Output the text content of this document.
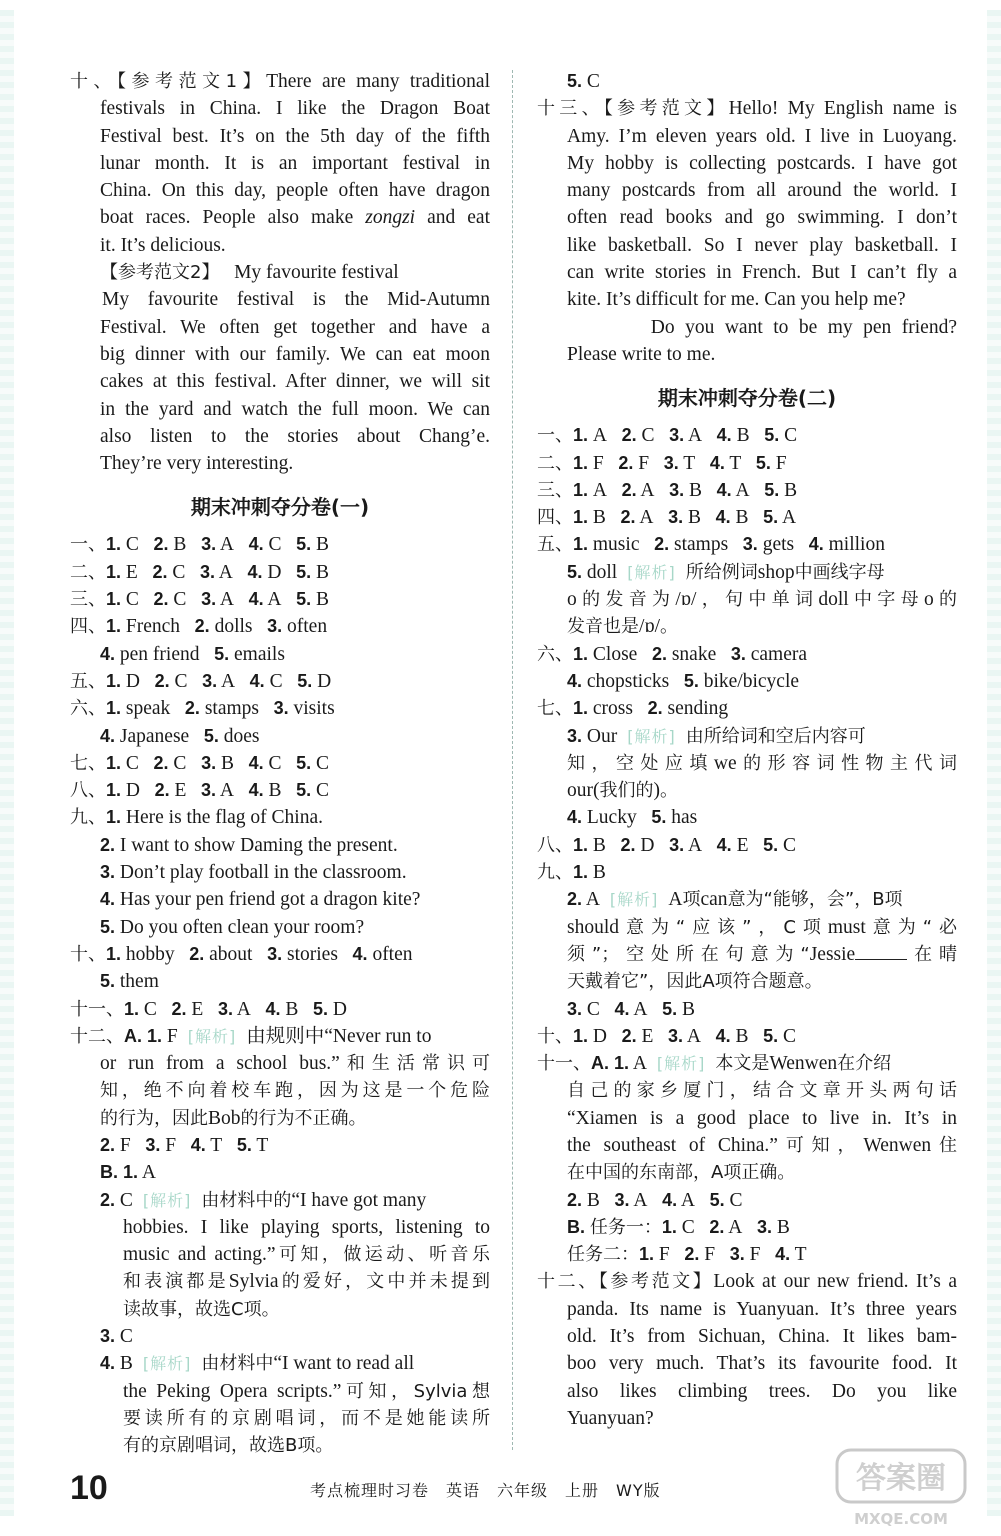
十、【参考范文1】There are many traditional
festivals in China. I like the Dragon Boat
Festival best. It’s on the 5th day of the fifth
lunar month. It is an important festival in
China. On this day, people often have dragon
boat races. People also make zongzi and eat
it. It’s delicious.
【参考范文2】   My favourite festival
My favourite festival is the Mid-Autumn
Festival. We often get together and have a
big dinner with our family. We can eat moon
cakes at this festival. After dinner, we will sit
in the yard and watch the full moon. We can
also listen to the stories about Chang’e.
They’re very interesting.
期末冲刺夺分卷(一)
一、1. C   2. B   3. A   4. C   5. B
二、1. E   2. C   3. A   4. D   5. B
三、1. C   2. C   3. A   4. A   5. B
四、1. French   2. dolls   3. often
4. pen friend   5. emails
五、1. D   2. C   3. A   4. C   5. D
六、1. speak   2. stamps   3. visits
4. Japanese   5. does
七、1. C   2. C   3. B   4. C   5. C
八、1. D   2. E   3. A   4. B   5. C
九、1. Here is the flag of China.
2. I want to show Daming the present.
3. Don’t play football in the classroom.
4. Has your pen friend got a dragon kite?
5. Do you often clean your room?
十、1. hobby   2. about   3. stories   4. often
5. them
十一、1. C   2. E   3. A   4. B   5. D
十二、A. 1. F [解析] 由规则中“Never run to
or run from a school bus.”和生活常识可
知，绝不向着校车跑，因为这是一个危险
的行为，因此Bob的行为不正确。
2. F   3. F   4. T   5. T
B. 1. A
2. C [解析] 由材料中的“I have got many
hobbies. I like playing sports, listening to
music and acting.”可知，做运动、听音乐
和表演都是Sylvia的爱好，文中并未提到
读故事，故选C项。
3. C
4. B [解析] 由材料中“I want to read all
the Peking Opera scripts.”可知，Sylvia想
要读所有的京剧唱词，而不是她能读所
有的京剧唱词，故选B项。
5. C
十三、【参考范文】Hello! My English name is
Amy. I’m eleven years old. I live in Luoyang.
My hobby is collecting postcards. I have got
many postcards from all around the world. I
often read books and go swimming. I don’t
like basketball. So I never play basketball. I
can write stories in French. But I can’t fly a
kite. It’s difficult for me. Can you help me?
Do you want to be my pen friend?
Please write to me.
期末冲刺夺分卷(二)
一、1. A   2. C   3. A   4. B   5. C
二、1. F   2. F   3. T   4. T   5. F
三、1. A   2. A   3. B   4. A   5. B
四、1. B   2. A   3. B   4. B   5. A
五、1. music   2. stamps   3. gets   4. million
5. doll [解析] 所给例词shop中画线字母
o的发音为/ɒ/，句中单词doll中字母o的
发音也是/ɒ/。
六、1. Close   2. snake   3. camera
4. chopsticks   5. bike/bicycle
七、1. cross   2. sending
3. Our [解析] 由所给词和空后内容可
知，空处应填we的形容词性物主代词
our(我们的)。
4. Lucky   5. has
八、1. B   2. D   3. A   4. E   5. C
九、1. B
2. A [解析] A项can意为“能够，会”，B项
should意为“应该”，C项must意为“必
须”；空处所在句意为“Jessie	在晴
天戴着它”，因此A项符合题意。
3. C   4. A   5. B
十、1. D   2. E   3. A   4. B   5. C
十一、A. 1. A [解析] 本文是Wenwen在介绍
自己的家乡厦门，结合文章开头两句话
“Xiamen is a good place to live in. It’s in
the southeast of China.”可知，Wenwen住
在中国的东南部，A项正确。
2. B   3. A   4. A   5. C
B. 任务一：1. C   2. A   3. B
任务二：1. F   2. F   3. F   4. T
十二、【参考范文】Look at our new friend. It’s a
panda. Its name is Yuanyuan. It’s three years
old. It’s from Sichuan, China. It likes bam-
boo very much. That’s its favourite food. It
also likes climbing trees. Do you like
Yuanyuan?
10	考点梳理时习卷　英语　六年级　上册　WY版	答案圈
MXQE.COM
